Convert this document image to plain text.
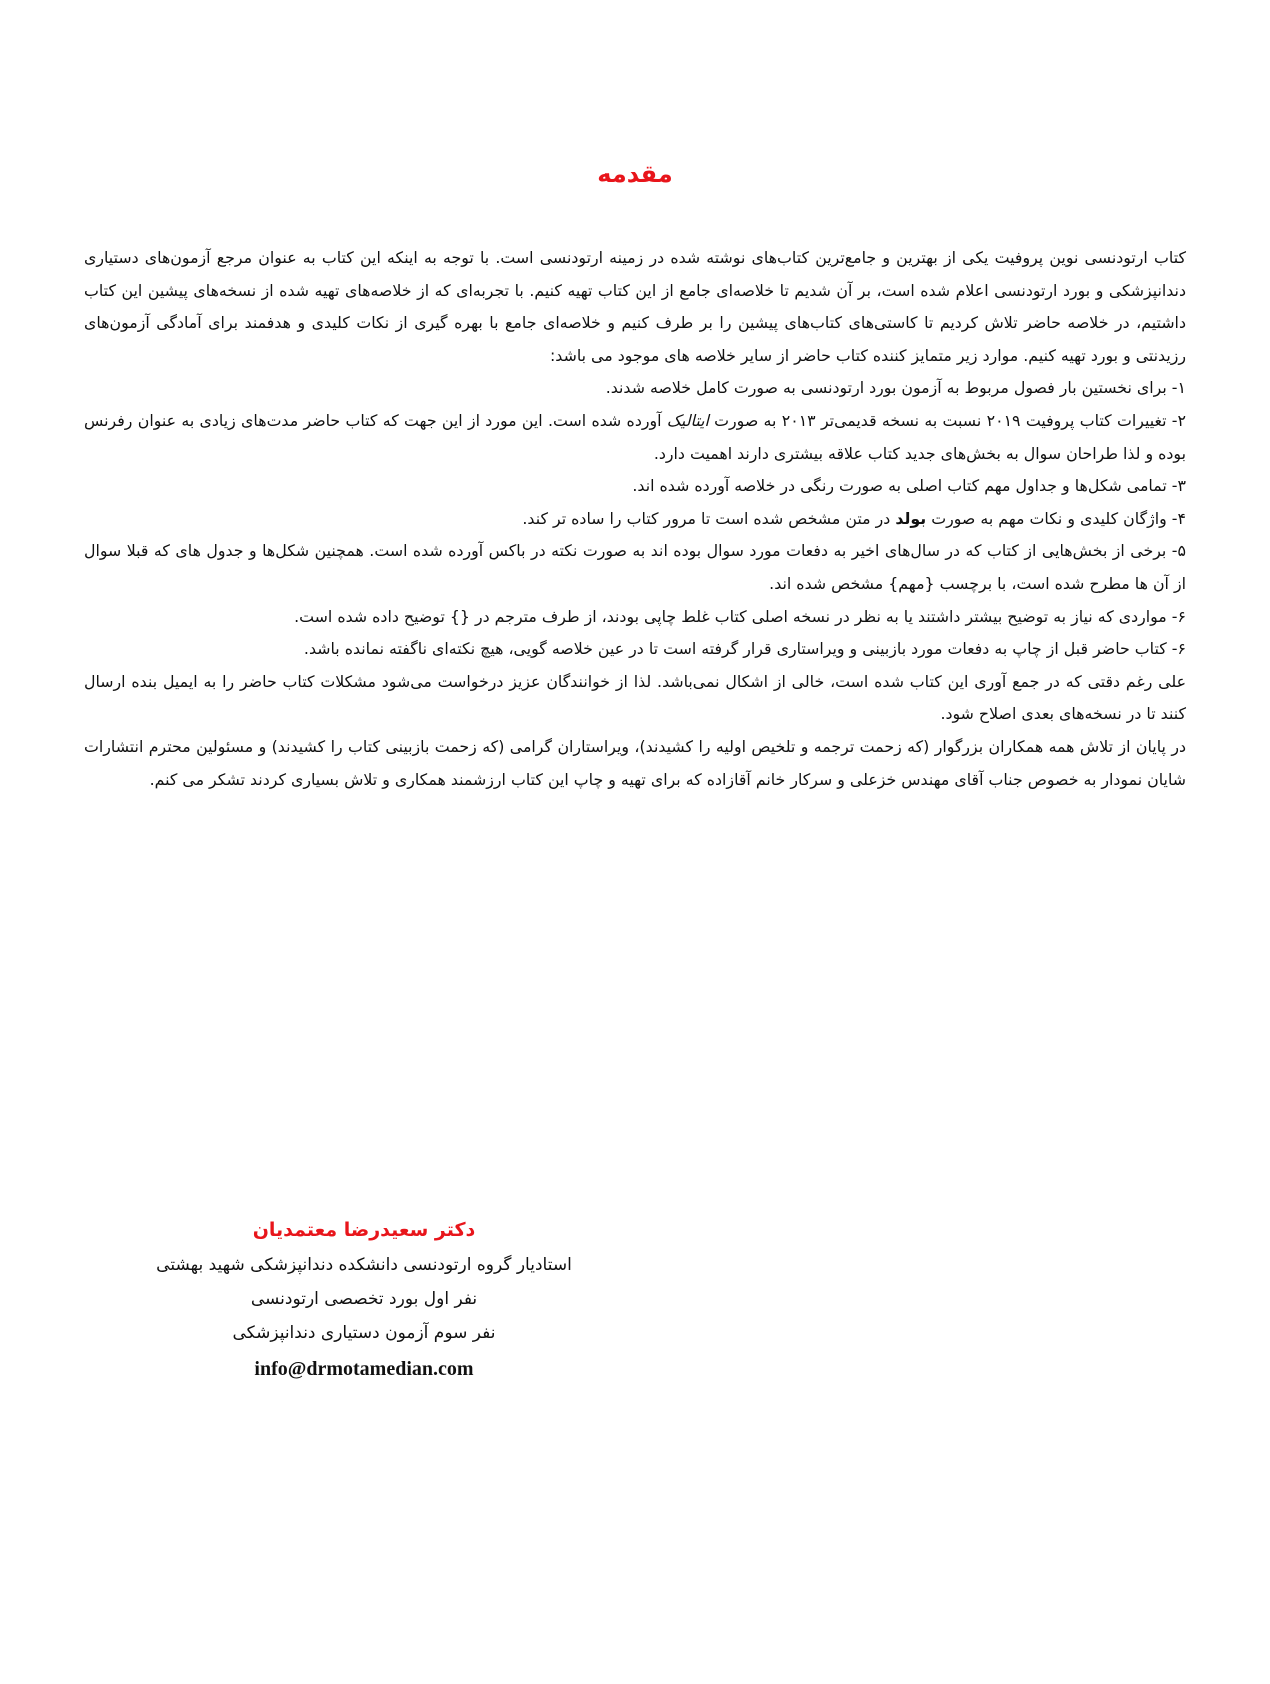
مقدمه

کتاب ارتودنسی نوین پروفیت یکی از بهترین و جامع‌ترین کتاب‌های نوشته شده در زمینه ارتودنسی است. با توجه به اینکه این کتاب به عنوان مرجع آزمون‌های دستیاری دندانپزشکی و بورد ارتودنسی اعلام شده است، بر آن شدیم تا خلاصه‌ای جامع از این کتاب تهیه کنیم. با تجربه‌ای که از خلاصه‌های تهیه شده از نسخه‌های پیشین این کتاب داشتیم، در خلاصه حاضر تلاش کردیم تا کاستی‌های کتاب‌های پیشین را بر طرف کنیم و خلاصه‌ای جامع با بهره گیری از نکات کلیدی و هدفمند برای آمادگی آزمون‌های رزیدنتی و بورد تهیه کنیم. موارد زیر متمایز کننده کتاب حاضر از سایر خلاصه های موجود می باشد:

۱- برای نخستین بار فصول مربوط به آزمون بورد ارتودنسی به صورت کامل خلاصه شدند.

۲- تغییرات کتاب پروفیت ۲۰۱۹ نسبت به نسخه قدیمی‌تر ۲۰۱۳ به صورت ایتالیک آورده شده است. این مورد از این جهت که کتاب حاضر مدت‌های زیادی به عنوان رفرنس بوده و لذا طراحان سوال به بخش‌های جدید کتاب علاقه بیشتری دارند اهمیت دارد.

۳- تمامی شکل‌ها و جداول مهم کتاب اصلی به صورت رنگی در خلاصه آورده شده اند.

۴- واژگان کلیدی و نکات مهم به صورت بولد در متن مشخص شده است تا مرور کتاب را ساده تر کند.

۵- برخی از بخش‌هایی از کتاب که در سال‌های اخیر به دفعات مورد سوال بوده اند به صورت نکته در باکس آورده شده است. همچنین شکل‌ها و جدول های که قبلا سوال از آن ها مطرح شده است، با برچسب {مهم} مشخص شده اند.

۶- مواردی که نیاز به توضیح بیشتر داشتند یا به نظر در نسخه اصلی کتاب غلط چاپی بودند، از طرف مترجم در {} توضیح داده شده است.

۶- کتاب حاضر قبل از چاپ به دفعات مورد بازبینی و ویراستاری قرار گرفته است تا در عین خلاصه گویی، هیچ نکته‌ای ناگفته نمانده باشد.

علی رغم دقتی که در جمع آوری این کتاب شده است، خالی از اشکال نمی‌باشد. لذا از خوانندگان عزیز درخواست می‌شود مشکلات کتاب حاضر را به ایمیل بنده ارسال کنند تا در نسخه‌های بعدی اصلاح شود.

در پایان از تلاش همه همکاران بزرگوار (که زحمت ترجمه و تلخیص اولیه را کشیدند)، ویراستاران گرامی (که زحمت بازبینی کتاب را کشیدند) و مسئولین محترم انتشارات شایان نمودار به خصوص جناب آقای مهندس خزعلی و سرکار خانم آقازاده که برای تهیه و چاپ این کتاب ارزشمند همکاری و تلاش بسیاری کردند تشکر می کنم.

دکتر سعیدرضا معتمدیان
استادیار گروه ارتودنسی دانشکده دندانپزشکی شهید بهشتی
نفر اول بورد تخصصی ارتودنسی
نفر سوم آزمون دستیاری دندانپزشکی
info@drmotamedian.com
